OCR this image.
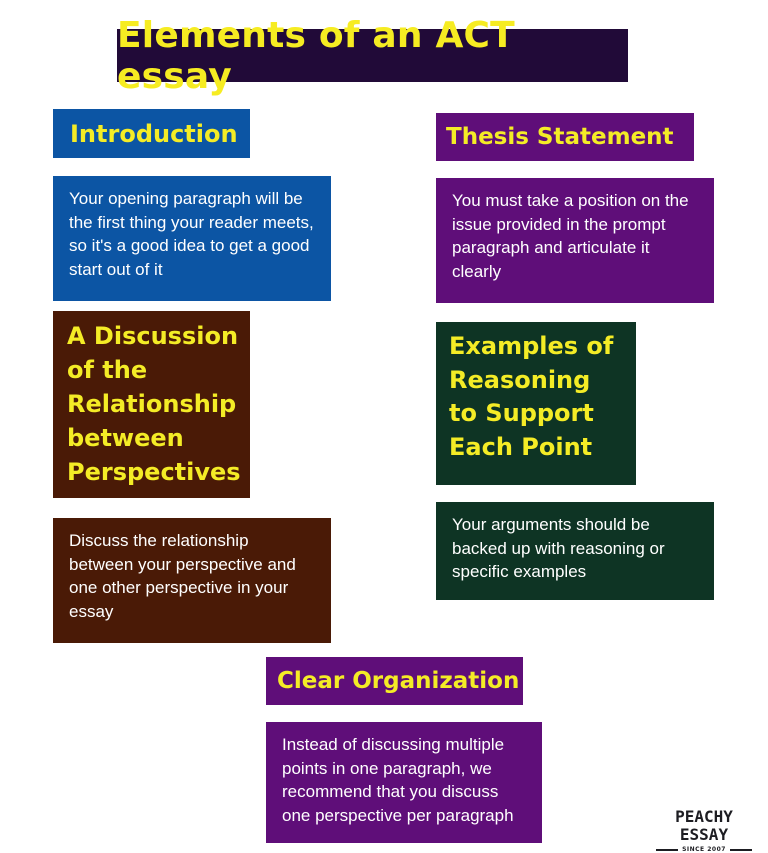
Elements of an ACT essay
Introduction
Your opening paragraph will be the first thing your reader meets, so it's a good idea to get a good start out of it
Thesis Statement
You must take a position on the issue provided in the prompt paragraph and articulate it clearly
A Discussion of the Relationship between Perspectives
Discuss the relationship between your perspective and one other perspective in your essay
Examples of Reasoning to Support Each Point
Your arguments should be backed up with reasoning or specific examples
Clear Organization
Instead of discussing multiple points in one paragraph, we recommend that you discuss one perspective per paragraph	PEACHY ESSAY
SINCE 2007
